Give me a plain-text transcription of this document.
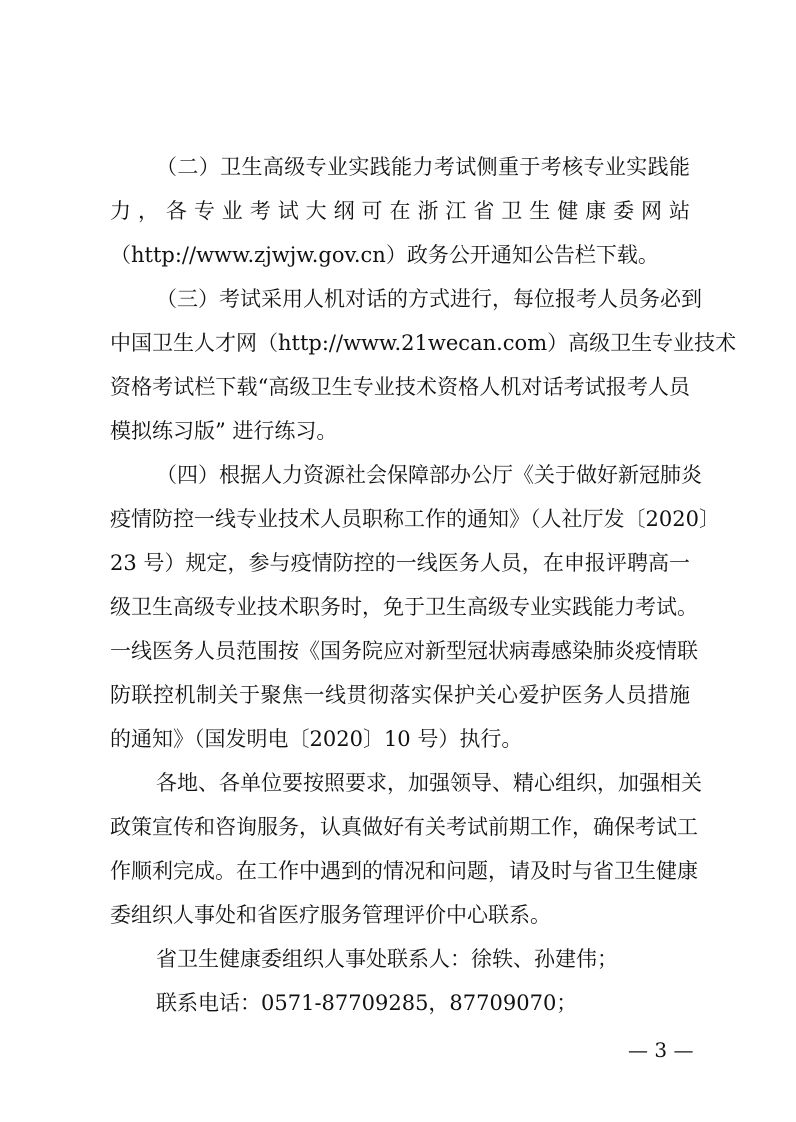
（二）卫生高级专业实践能力考试侧重于考核专业实践能
力，各专业考试大纲可在浙江省卫生健康委网站
（http://www.zjwjw.gov.cn）政务公开通知公告栏下载。
（三）考试采用人机对话的方式进行，每位报考人员务必到
中国卫生人才网（http://www.21wecan.com）高级卫生专业技术
资格考试栏下载“高级卫生专业技术资格人机对话考试报考人员
模拟练习版” 进行练习。
（四）根据人力资源社会保障部办公厅《关于做好新冠肺炎
疫情防控一线专业技术人员职称工作的通知》（人社厅发〔2020〕
23 号）规定，参与疫情防控的一线医务人员，在申报评聘高一
级卫生高级专业技术职务时，免于卫生高级专业实践能力考试。
一线医务人员范围按《国务院应对新型冠状病毒感染肺炎疫情联
防联控机制关于聚焦一线贯彻落实保护关心爱护医务人员措施
的通知》（国发明电〔2020〕10 号）执行。
各地、各单位要按照要求，加强领导、精心组织，加强相关
政策宣传和咨询服务，认真做好有关考试前期工作，确保考试工
作顺利完成。在工作中遇到的情况和问题，请及时与省卫生健康
委组织人事处和省医疗服务管理评价中心联系。
省卫生健康委组织人事处联系人：徐轶、孙建伟；
联系电话：0571-87709285，87709070；
— 3 —
